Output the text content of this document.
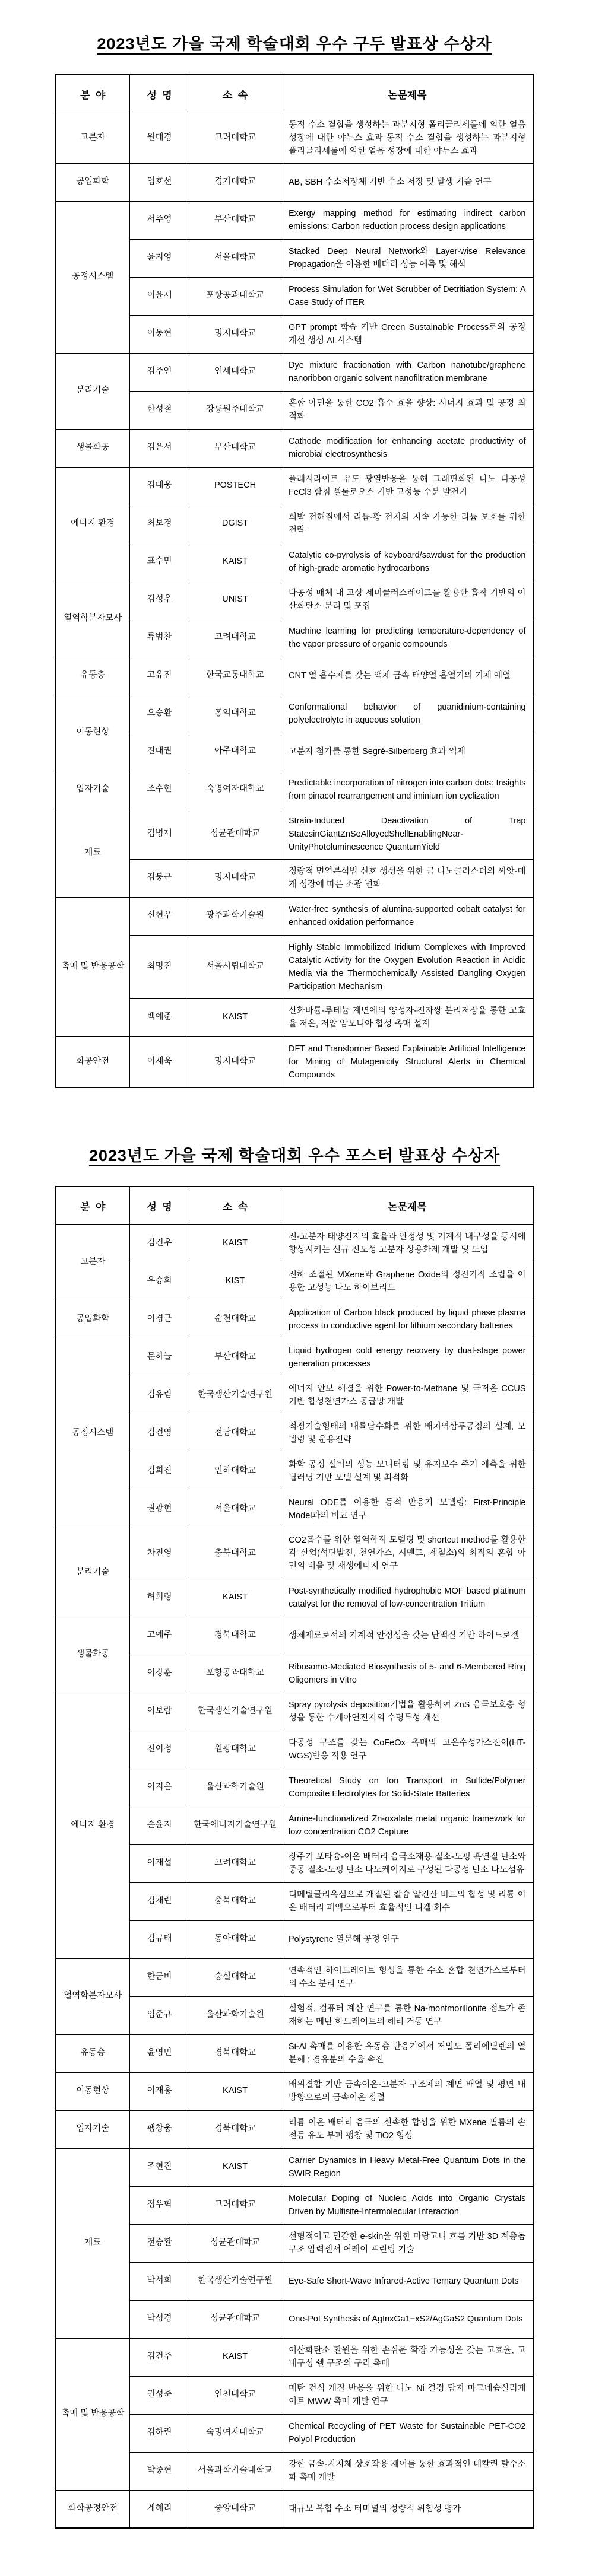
2023년도 가을 국제 학술대회 우수 구두 발표상 수상자
분  야	성  명	소  속	논문제목
고분자	원태경	고려대학교	동적 수소 결합을 생성하는 과분지형 폴리글리세롤에 의한 얼음 성장에 대한 야누스 효과 동적 수소 결합을 생성하는 과분지형 폴리글리세롤에 의한 얼음 성장에 대한 야누스 효과
공업화학	엄호선	경기대학교	AB, SBH 수소저장체 기반 수소 저장 및 발생 기술 연구
공정시스템	서주영	부산대학교	Exergy mapping method for estimating indirect carbon emissions: Carbon reduction process design applications
	윤지영	서울대학교	Stacked Deep Neural Network와 Layer-wise Relevance Propagation을 이용한 배터리 성능 예측 및 해석
	이윤재	포항공과대학교	Process Simulation for Wet Scrubber of Detritiation System: A Case Study of ITER
	이동현	명지대학교	GPT prompt 학습 기반 Green Sustainable Process로의 공정 개선 생성 AI 시스템
분리기술	김주연	연세대학교	Dye mixture fractionation with Carbon nanotube/graphene nanoribbon organic solvent nanofiltration membrane
	한성철	강릉원주대학교	혼합 아민을 통한 CO2 흡수 효율 향상: 시너지 효과 및 공정 최적화
생물화공	김은서	부산대학교	Cathode modification for enhancing acetate productivity of microbial electrosynthesis
에너지 환경	김대웅	POSTECH	플래시라이트 유도 광열반응을 통해 그래핀화된 나노 다공성 FeCl3 함침 셀룰로오스 기반 고성능 수분 발전기
	최보경	DGIST	희박 전해질에서 리튬-황 전지의 지속 가능한 리튬 보호를 위한 전략
	표수민	KAIST	Catalytic co-pyrolysis of keyboard/sawdust for the production of high-grade aromatic hydrocarbons
열역학분자모사	김성우	UNIST	다공성 매체 내 고상 세미클러스레이트를 활용한 흡착 기반의 이산화탄소 분리 및 포집
	류범찬	고려대학교	Machine learning for predicting temperature-dependency of the vapor pressure of organic compounds
유동층	고유진	한국교통대학교	CNT 열 흡수체를 갖는 액체 금속 태양열 흡열기의 기체 예열
이동현상	오승환	홍익대학교	Conformational behavior of guanidinium-containing polyelectrolyte in aqueous solution
	진대권	아주대학교	고분자 첨가를 통한 Segré-Silberberg 효과 억제
입자기술	조수현	숙명여자대학교	Predictable incorporation of nitrogen into carbon dots: Insights from pinacol rearrangement and iminium ion cyclization
재료	김병재	성균관대학교	Strain-Induced Deactivation of Trap StatesinGiantZnSeAlloyedShellEnablingNear-UnityPhotoluminescence QuantumYield
	김붕근	명지대학교	정량적 면역분석법 신호 생성을 위한 금 나노클러스터의 씨앗-매개 성장에 따른 소광 변화
촉매 및 반응공학	신현우	광주과학기술원	Water-free synthesis of alumina-supported cobalt catalyst for enhanced oxidation performance
	최명진	서울시립대학교	Highly Stable Immobilized Iridium Complexes with Improved Catalytic Activity for the Oxygen Evolution Reaction in Acidic Media via the Thermochemically Assisted Dangling Oxygen Participation Mechanism
	백예준	KAIST	산화바륨-루테늄 계면에의 양성자-전자쌍 분리저장을 통한 고효율 저온, 저압 암모니아 합성 촉매 설계
화공안전	이재욱	명지대학교	DFT and Transformer Based Explainable Artificial Intelligence for Mining of Mutagenicity Structural Alerts in Chemical Compounds
2023년도 가을 국제 학술대회 우수 포스터 발표상 수상자
분  야	성  명	소  속	논문제목
고분자	김건우	KAIST	전-고분자 태양전지의 효율과 안정성 및 기계적 내구성을 동시에 향상시키는 신규 전도성 고분자 상용화제 개발 및 도입
	우승희	KIST	전하 조절된 MXene과 Graphene Oxide의 정전기적 조립을 이용한 고성능 나노 하이브리드
공업화학	이경근	순천대학교	Application of Carbon black produced by liquid phase plasma process to conductive agent for lithium secondary batteries
공정시스템	문하늘	부산대학교	Liquid hydrogen cold energy recovery by dual-stage power generation processes
	김유림	한국생산기술연구원	에너지 안보 해결을 위한 Power-to-Methane 및 극저온 CCUS 기반 합성천연가스 공급망 개발
	김건영	전남대학교	적정기술형태의 내륙담수화를 위한 배치역삼투공정의 설계, 모델링 및 운용전략
	김희진	인하대학교	화학 공정 설비의 성능 모니터링 및 유지보수 주기 예측을 위한 딥러닝 기반 모델 설계 및 최적화
	권광현	서울대학교	Neural ODE를 이용한 동적 반응기 모델링: First-Principle Model과의 비교 연구
분리기술	차진영	충북대학교	CO2흡수를 위한 열역학적 모델링 및 shortcut method를 활용한 각 산업(석탄발전, 천연가스, 시멘트, 제철소)의 최적의 혼합 아민의 비율 및 재생에너지 연구
	허희령	KAIST	Post-synthetically modified hydrophobic MOF based platinum catalyst for the removal of low-concentration Tritium
생물화공	고예주	경북대학교	생체재료로서의 기계적 안정성을 갖는 단백질 기반 하이드로젤
	이강훈	포항공과대학교	Ribosome-Mediated Biosynthesis of 5- and 6-Membered Ring Oligomers in Vitro
에너지 환경	이보람	한국생산기술연구원	Spray pyrolysis deposition기법을 활용하여 ZnS 음극보호층 형성을 통한 수계아연전지의 수명특성 개선
	전이정	원광대학교	다공성 구조를 갖는 CoFeOx 촉매의 고온수성가스전이(HT-WGS)반응 적용 연구
	이지은	울산과학기술원	Theoretical Study on Ion Transport in Sulfide/Polymer Composite Electrolytes for Solid-State Batteries
	손윤지	한국에너지기술연구원	Amine-functionalized Zn-oxalate metal organic framework for low concentration CO2 Capture
	이재섭	고려대학교	장주기 포타슘-이온 배터리 음극소재용 질소-도핑 흑연질 탄소와 중공 질소-도핑 탄소 나노케이지로 구성된 다공성 탄소 나노섬유
	김채린	충북대학교	디메틸글리옥심으로 개질된 칼슘 알긴산 비드의 합성 및 리튬 이온 배터리 폐액으로부터 효율적인 니켈 회수
	김규태	동아대학교	Polystyrene 열분해 공정 연구
열역학분자모사	한금비	숭실대학교	연속적인 하이드레이트 형성을 통한 수소 혼합 천연가스로부터의 수소 분리 연구
	임준규	울산과학기술원	실험적, 컴퓨터 계산 연구를 통한 Na-montmorillonite 점토가 존재하는 메탄 하드레이트의 해리 거동 연구
유동층	윤영민	경북대학교	Si-Al 촉매를 이용한 유동층 반응기에서 저밀도 폴리에틸렌의 열분해 : 경유분의 수율 촉진
이동현상	이재홍	KAIST	배위결합 기반 금속이온-고분자 구조체의 계면 배열 및 평면 내 방향으로의 금속이온 정렬
입자기술	팽창웅	경북대학교	리튬 이온 배터리 음극의 신속한 합성을 위한 MXene 필름의 손전등 유도 부피 팽창 및 TiO2 형성
재료	조현진	KAIST	Carrier Dynamics in Heavy Metal-Free Quantum Dots in the SWIR Region
	정우혁	고려대학교	Molecular Doping of Nucleic Acids into Organic Crystals Driven by Multisite-Intermolecular Interaction
	전승환	성균관대학교	선형적이고 민감한 e-skin을 위한 마랑고니 흐름 기반 3D 계층돔 구조 압력센서 어레이 프린팅 기술
	박서희	한국생산기술연구원	Eye-Safe Short-Wave Infrared-Active Ternary Quantum Dots
	박성경	성균관대학교	One-Pot Synthesis of AgInxGa1−xS2/AgGaS2 Quantum Dots
촉매 및 반응공학	김건주	KAIST	이산화탄소 환원을 위한 손쉬운 확장 가능성을 갖는 고효율, 고내구성 쉘 구조의 구리 촉매
	권성준	인천대학교	메탄 건식 개질 반응을 위한 나노 Ni 결정 담지 마그네슘실리케이트 MWW 촉매 개발 연구
	김하린	숙명여자대학교	Chemical Recycling of PET Waste for Sustainable PET-CO2 Polyol Production
	박종현	서울과학기술대학교	강한 금속-지지체 상호작용 제어를 통한 효과적인 데칼린 탈수소화 촉매 개발
화학공정안전	계혜리	중앙대학교	대규모 복합 수소 터미널의 정량적 위험성 평가
